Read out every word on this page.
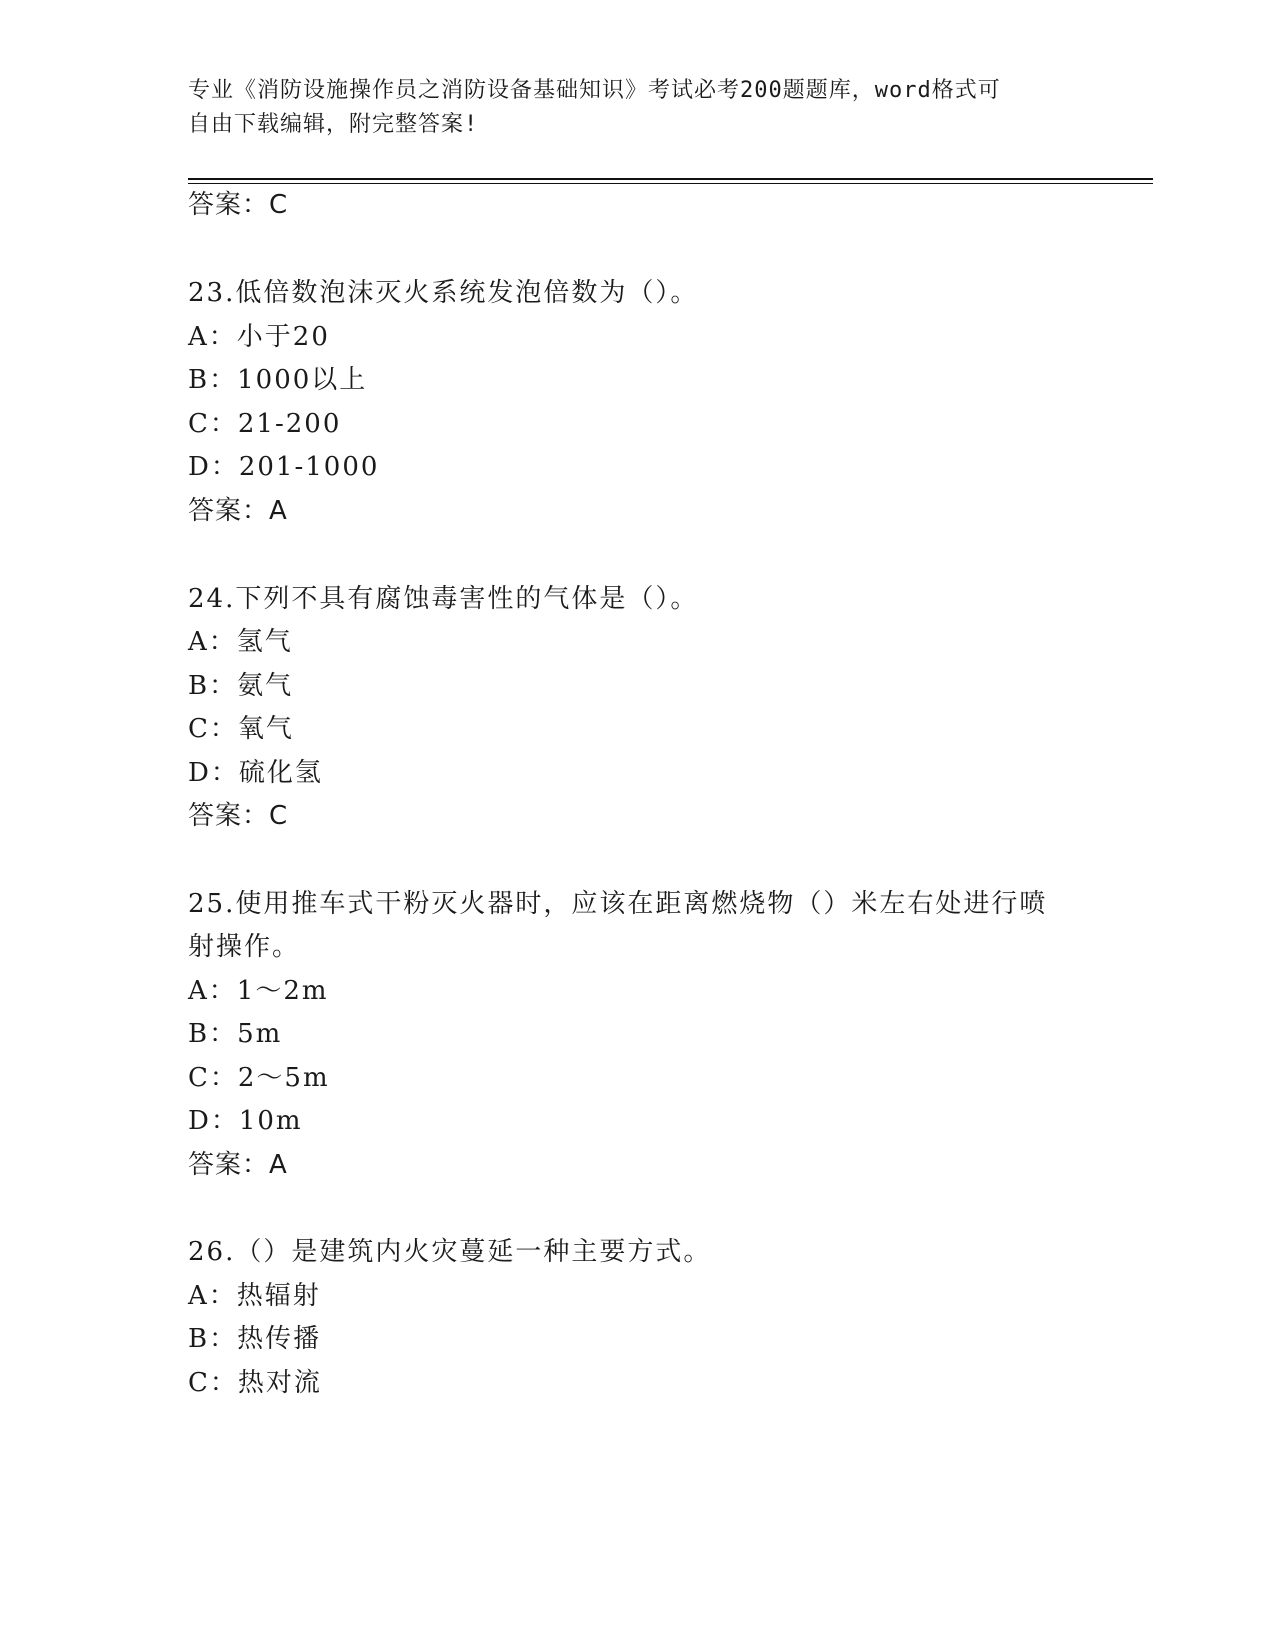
专业《消防设施操作员之消防设备基础知识》考试必考200题题库，word格式可
自由下载编辑，附完整答案!
答案：C
23.低倍数泡沫灭火系统发泡倍数为（）。
A：小于20
B：1000以上
C：21-200
D：201-1000
答案：A
24.下列不具有腐蚀毒害性的气体是（）。
A：氢气
B：氨气
C：氧气
D：硫化氢
答案：C
25.使用推车式干粉灭火器时，应该在距离燃烧物（）米左右处进行喷
射操作。
A：1～2m
B：5m
C：2～5m
D：10m
答案：A
26.（）是建筑内火灾蔓延一种主要方式。
A：热辐射
B：热传播
C：热对流
